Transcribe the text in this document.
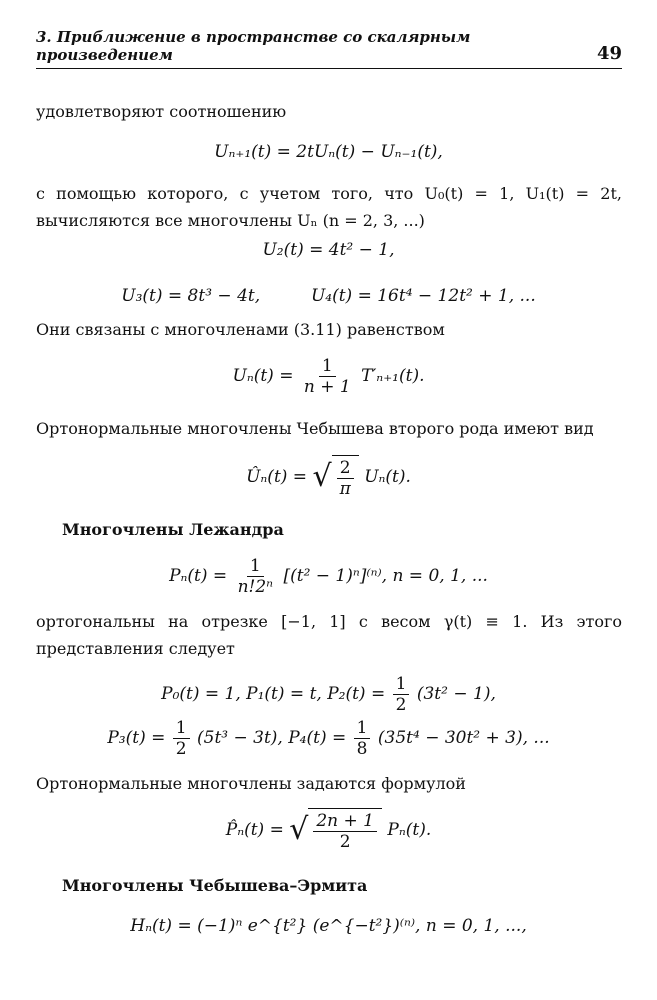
3. Приближение в пространстве со скалярным произведением	49
удовлетворяют соотношению
Uₙ₊₁(t) = 2tUₙ(t) − Uₙ₋₁(t),
с помощью которого, с учетом того, что U₀(t) = 1, U₁(t) = 2t, вычисляются все многочлены Uₙ (n = 2, 3, ...)
U₂(t) = 4t² − 1,
U₃(t) = 8t³ − 4t,	U₄(t) = 16t⁴ − 12t² + 1, ...
Они связаны с многочленами (3.11) равенством
$U_n(t) = \frac{1}{n + 1} T'_{n+1}(t)$.
Ортонормальные многочлены Чебышева второго рода имеют вид
Ûₙ(t) = √ $\frac{2}{\pi} U_n(t)$.
Многочлены Лежандра
$P_n(t) = \frac{1}{\text{n!2ⁿ}} [(t^2 - 1)^n]^{(n)}$, n = 0, 1, ...
ортогональны на отрезке [−1, 1] с весом γ(t) ≡ 1. Из этого представления следует
P₀(t) = 1, P₁(t) = t, $P_2(t) = \frac{1}{2} (3t^2 - 1)$,
$P_3(t) = \frac{1}{2} (5t^3 - 3t)$, $P_4(t) = \frac{1}{8} (35t^4 - 30t^2 + 3)$, ...
Ортонормальные многочлены задаются формулой
P̂ₙ(t) = √ $\frac{2n + 1}{2} P_n(t)$.
Многочлены Чебышева–Эрмита
Hₙ(t) = (−1)ⁿ e^{t²} (e^{−t²})⁽ⁿ⁾, n = 0, 1, ...,
